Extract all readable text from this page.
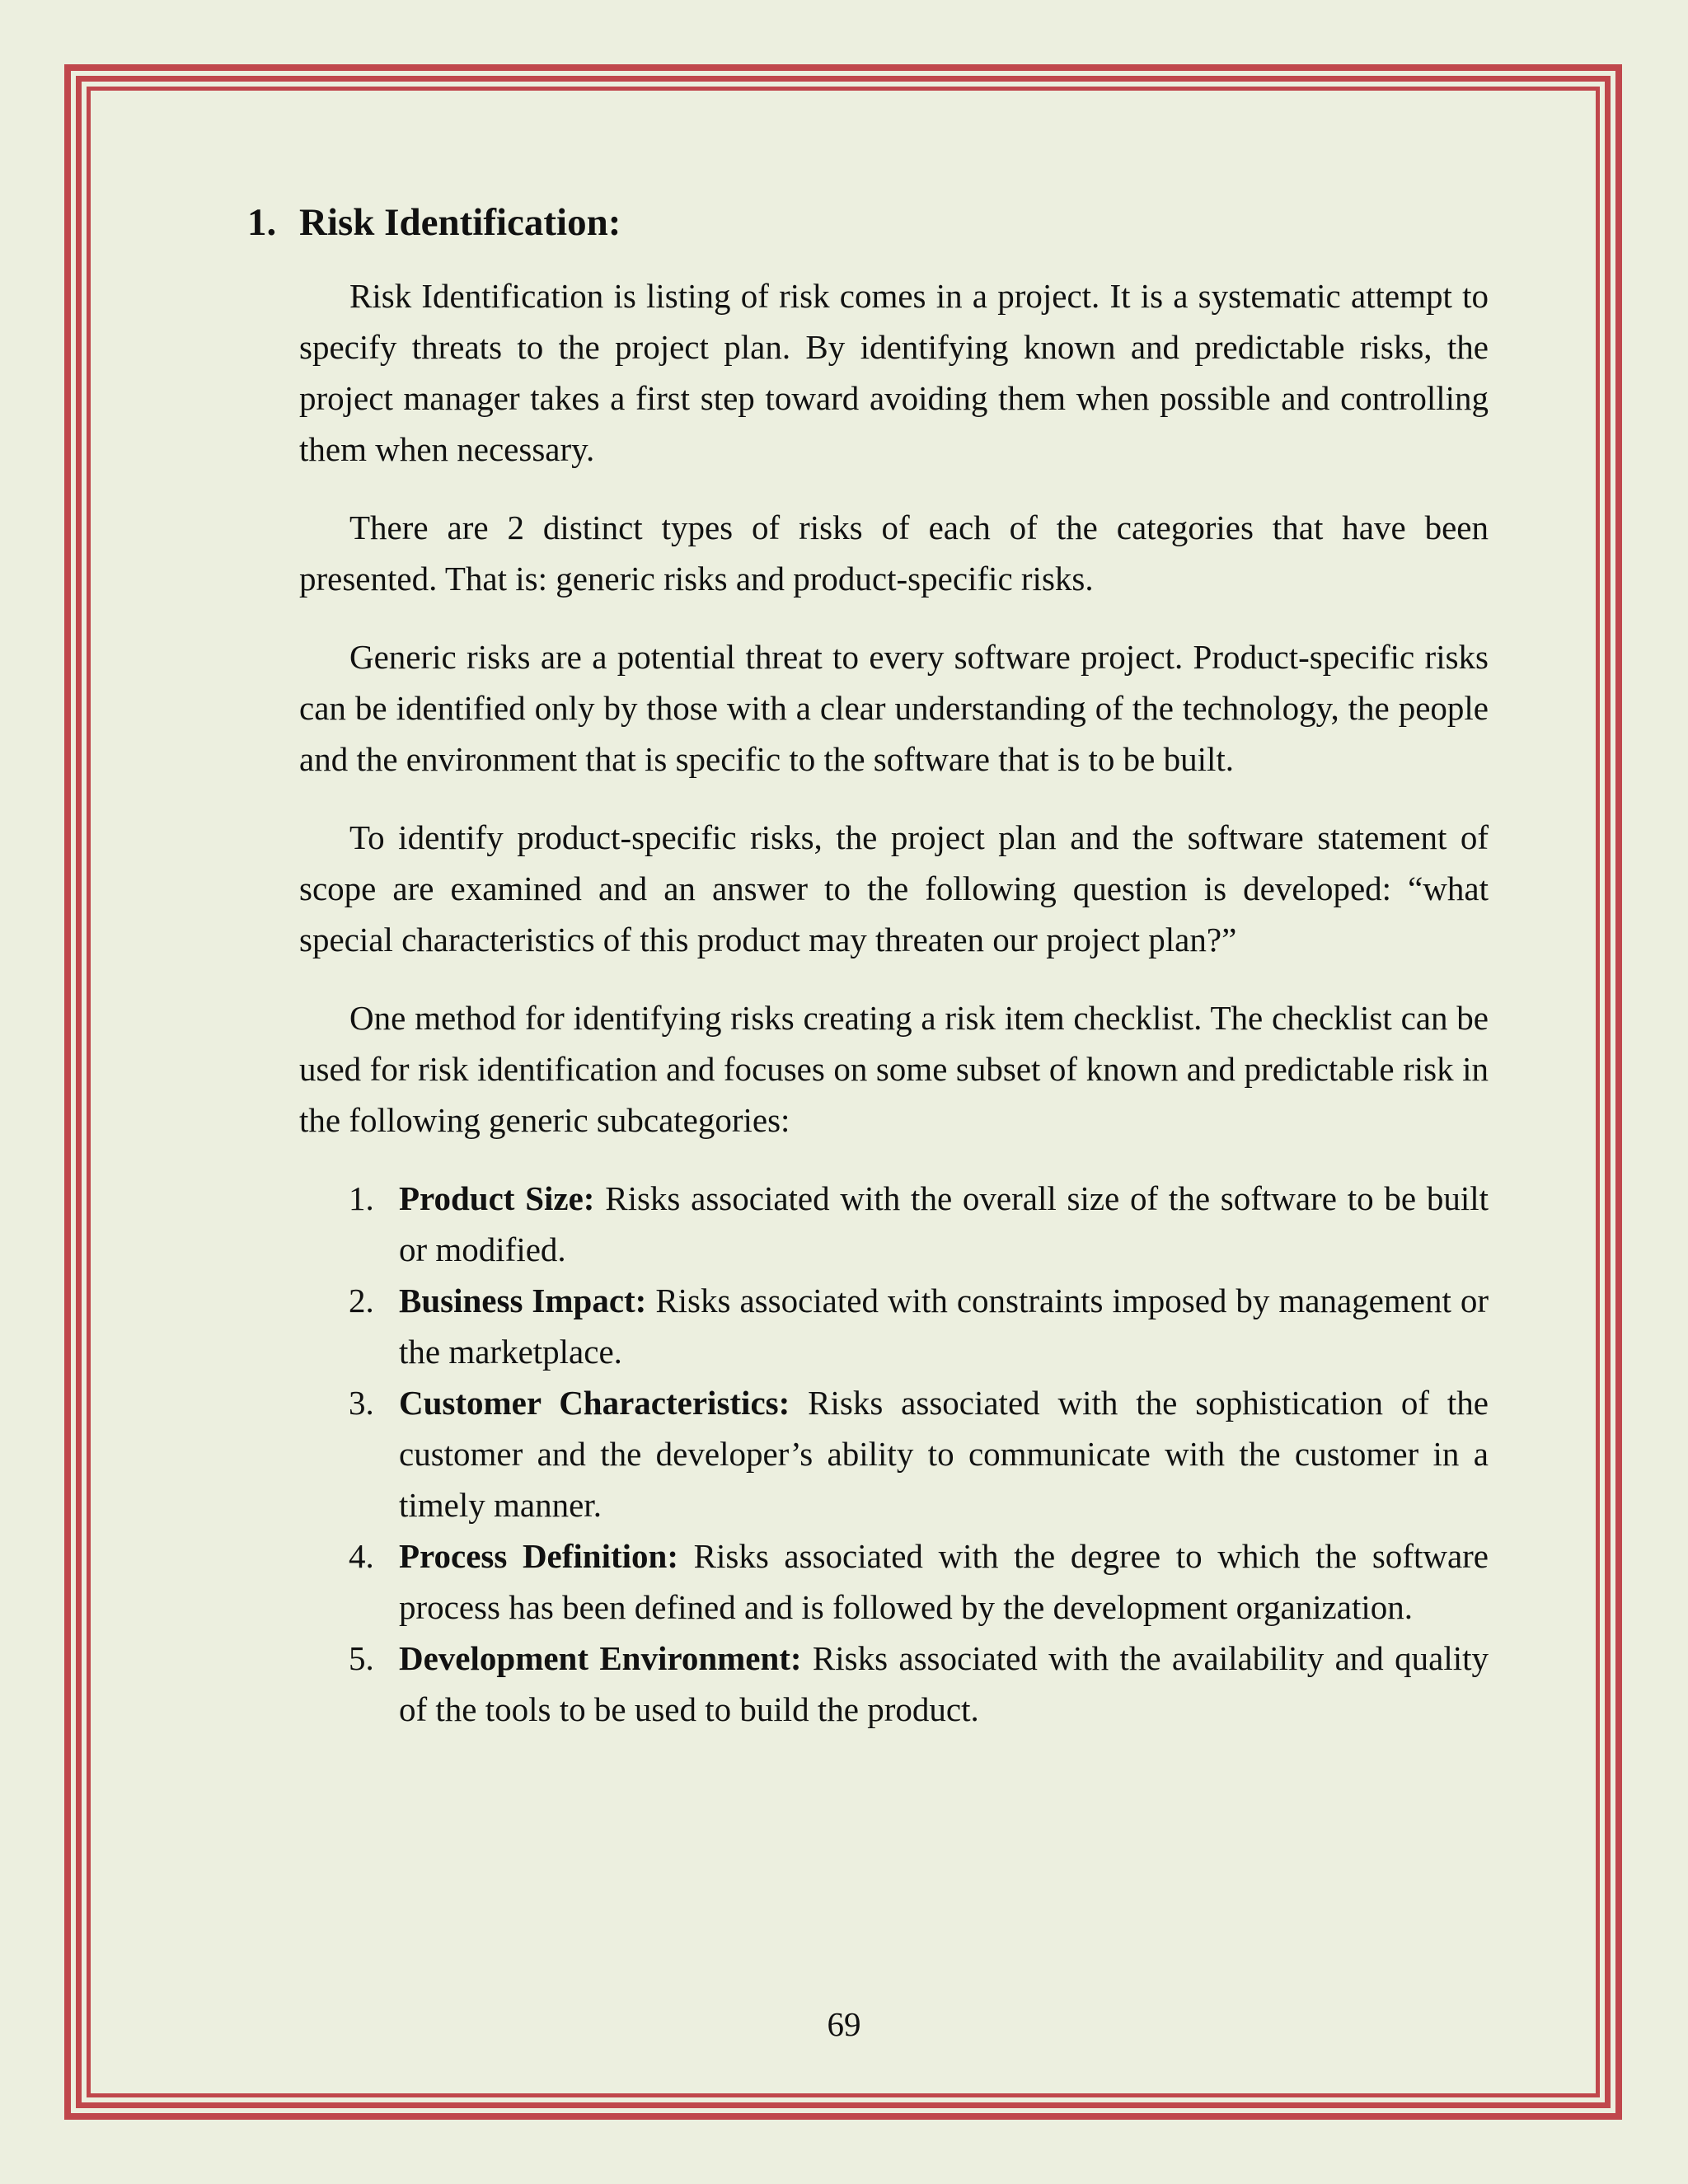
1. Risk Identification:

Risk Identification is listing of risk comes in a project. It is a systematic attempt to specify threats to the project plan. By identifying known and predictable risks, the project manager takes a first step toward avoiding them when possible and controlling them when necessary.

There are 2 distinct types of risks of each of the categories that have been presented. That is: generic risks and product-specific risks.

Generic risks are a potential threat to every software project. Product-specific risks can be identified only by those with a clear understanding of the technology, the people and the environment that is specific to the software that is to be built.

To identify product-specific risks, the project plan and the software statement of scope are examined and an answer to the following question is developed: “what special characteristics of this product may threaten our project plan?”

One method for identifying risks creating a risk item checklist. The checklist can be used for risk identification and focuses on some subset of known and predictable risk in the following generic subcategories:

1. Product Size: Risks associated with the overall size of the software to be built or modified.
2. Business Impact: Risks associated with constraints imposed by management or the marketplace.
3. Customer Characteristics: Risks associated with the sophistication of the customer and the developer’s ability to communicate with the customer in a timely manner.
4. Process Definition: Risks associated with the degree to which the software process has been defined and is followed by the development organization.
5. Development Environment: Risks associated with the availability and quality of the tools to be used to build the product.
69
